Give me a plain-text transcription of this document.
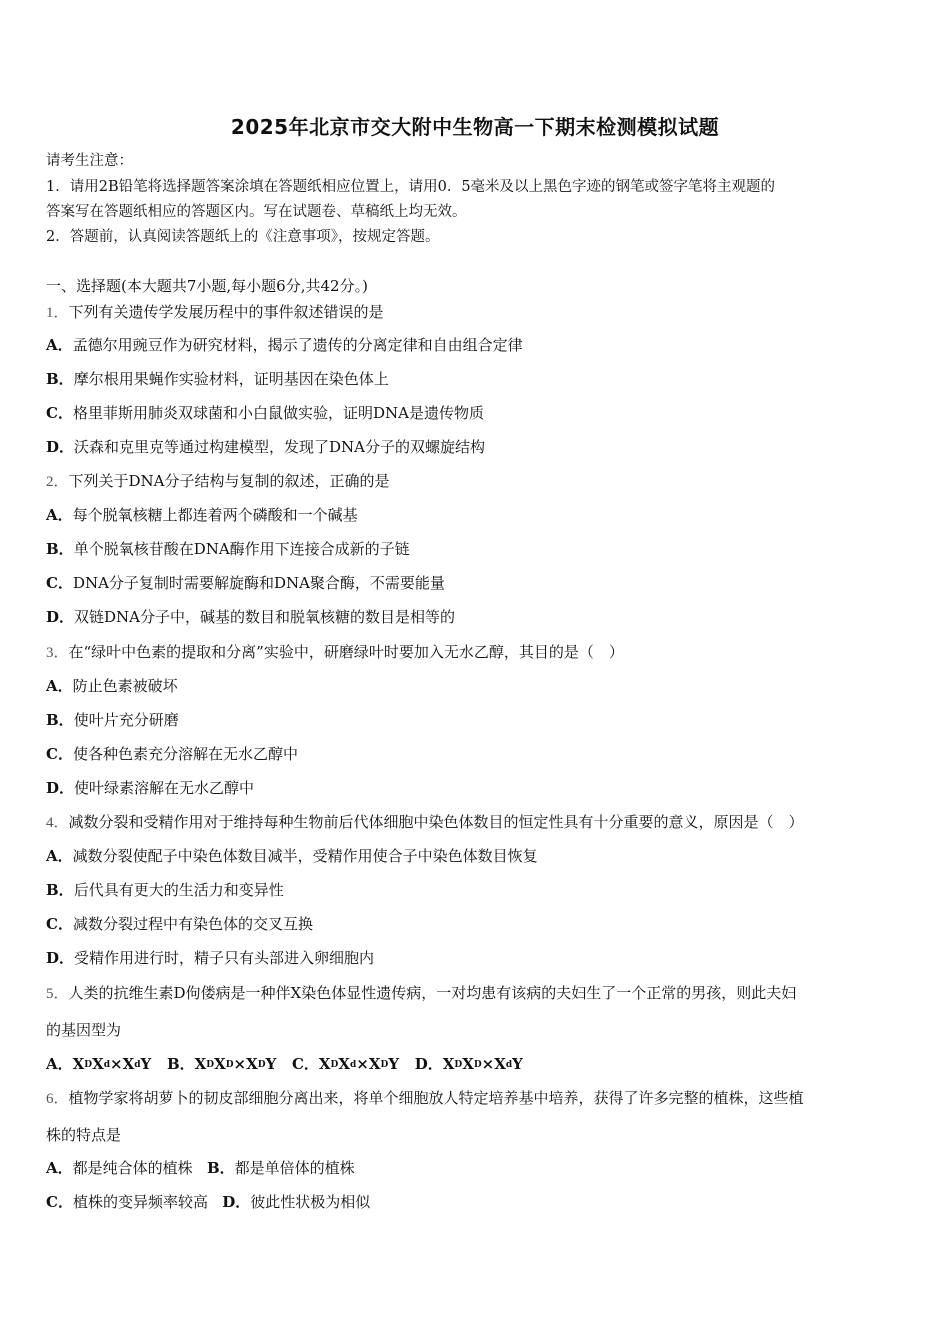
2025年北京市交大附中生物高一下期末检测模拟试题
请考生注意：
1．请用2B铅笔将选择题答案涂填在答题纸相应位置上，请用0．5毫米及以上黑色字迹的钢笔或签字笔将主观题的
答案写在答题纸相应的答题区内。写在试题卷、草稿纸上均无效。
2．答题前，认真阅读答题纸上的《注意事项》，按规定答题。
一、选择题(本大题共7小题,每小题6分,共42分。)
1．下列有关遗传学发展历程中的事件叙述错误的是
A．孟德尔用豌豆作为研究材料，揭示了遗传的分离定律和自由组合定律
B．摩尔根用果蝇作实验材料，证明基因在染色体上
C．格里菲斯用肺炎双球菌和小白鼠做实验，证明DNA是遗传物质
D．沃森和克里克等通过构建模型，发现了DNA分子的双螺旋结构
2．下列关于DNA分子结构与复制的叙述，正确的是
A．每个脱氧核糖上都连着两个磷酸和一个碱基
B．单个脱氧核苷酸在DNA酶作用下连接合成新的子链
C．DNA分子复制时需要解旋酶和DNA聚合酶，不需要能量
D．双链DNA分子中，碱基的数目和脱氧核糖的数目是相等的
3．在“绿叶中色素的提取和分离”实验中，研磨绿叶时要加入无水乙醇，其目的是（　）
A．防止色素被破坏
B．使叶片充分研磨
C．使各种色素充分溶解在无水乙醇中
D．使叶绿素溶解在无水乙醇中
4．减数分裂和受精作用对于维持每种生物前后代体细胞中染色体数目的恒定性具有十分重要的意义，原因是（　）
A．减数分裂使配子中染色体数目减半，受精作用使合子中染色体数目恢复
B．后代具有更大的生活力和变异性
C．减数分裂过程中有染色体的交叉互换
D．受精作用进行时，精子只有头部进入卵细胞内
5．人类的抗维生素D佝偻病是一种伴X染色体显性遗传病，一对均患有该病的夫妇生了一个正常的男孩，则此夫妇
的基因型为
A．$X^DX^d\times X^dY$ B．$X^DX^D\times X^DY$ C．$X^DX^d\times X^DY$ D．$X^DX^D\times X^dY$
6．植物学家将胡萝卜的韧皮部细胞分离出来，将单个细胞放人特定培养基中培养，获得了许多完整的植株，这些植
株的特点是
A．都是纯合体的植株 B．都是单倍体的植株
C．植株的变异频率较高 D．彼此性状极为相似
